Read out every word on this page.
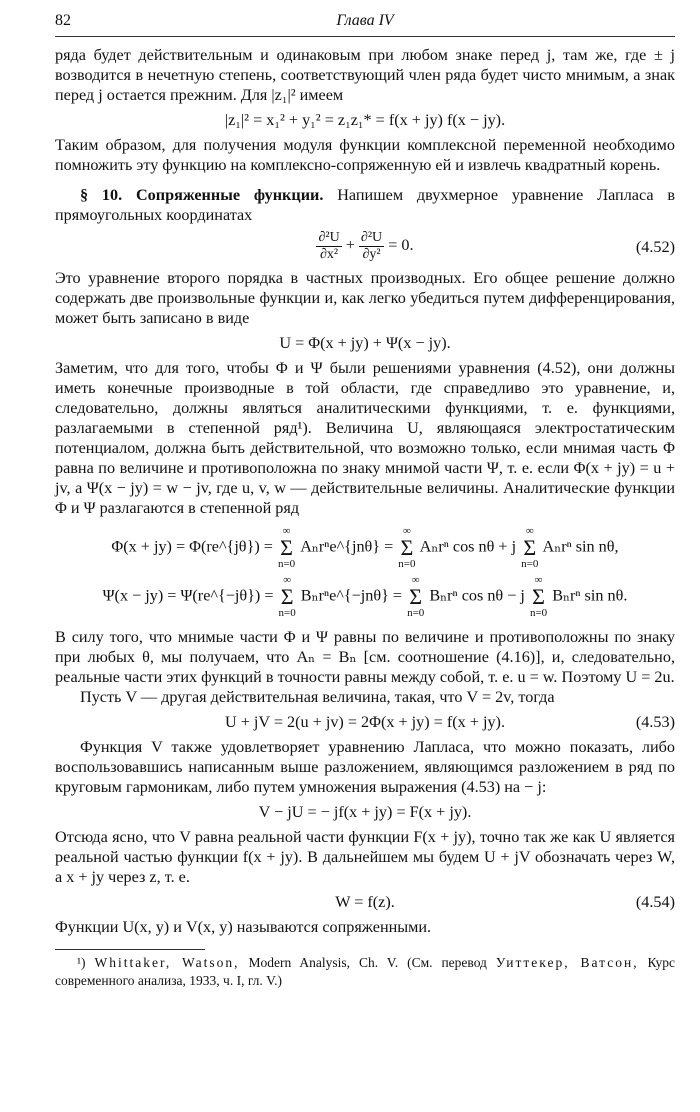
82	Глава IV

ряда будет действительным и одинаковым при любом знаке перед j, там же, где ± j возводится в нечетную степень, соответствующий член ряда будет чисто мнимым, а знак перед j остается прежним. Для |z₁|² имеем

|z₁|² = x₁² + y₁² = z₁z₁* = f(x + jy) f(x − jy).

Таким образом, для получения модуля функции комплексной переменной необходимо помножить эту функцию на комплексно-сопряженную ей и извлечь квадратный корень.

§ 10. Сопряженные функции. Напишем двухмерное уравнение Лапласа в прямоугольных координатах

$\frac{\text{∂²U}}{\text{∂x²}} + \frac{\text{∂²U}}{\text{∂y²}} = 0$.	(4.52)

Это уравнение второго порядка в частных производных. Его общее решение должно содержать две произвольные функции и, как легко убедиться путем дифференцирования, может быть записано в виде

U = Φ(x + jy) + Ψ(x − jy).

Заметим, что для того, чтобы Φ и Ψ были решениями уравнения (4.52), они должны иметь конечные производные в той области, где справедливо это уравнение, и, следовательно, должны являться аналитическими функциями, т. е. функциями, разлагаемыми в степенной ряд¹). Величина U, являющаяся электростатическим потенциалом, должна быть действительной, что возможно только, если мнимая часть Φ равна по величине и противоположна по знаку мнимой части Ψ, т. е. если Φ(x + jy) = u + jv, а Ψ(x − jy) = w − jv, где u, v, w — действительные величины. Аналитические функции Φ и Ψ разлагаются в степенной ряд

Φ(x + jy) = Φ(re^{jθ}) = ∞
Σ
n=0 Aₙrⁿe^{jnθ} = ∞
Σ
n=0 Aₙrⁿ cos nθ + j ∞
Σ
n=0 Aₙrⁿ sin nθ,
Ψ(x − jy) = Ψ(re^{−jθ}) = ∞
Σ
n=0 Bₙrⁿe^{−jnθ} = ∞
Σ
n=0 Bₙrⁿ cos nθ − j ∞
Σ
n=0 Bₙrⁿ sin nθ.

В силу того, что мнимые части Φ и Ψ равны по величине и противоположны по знаку при любых θ, мы получаем, что Aₙ = Bₙ [см. соотношение (4.16)], и, следовательно, реальные части этих функций в точности равны между собой, т. е. u = w. Поэтому U = 2u.

Пусть V — другая действительная величина, такая, что V = 2v, тогда

U + jV = 2(u + jv) = 2Φ(x + jy) = f(x + jy).	(4.53)

Функция V также удовлетворяет уравнению Лапласа, что можно показать, либо воспользовавшись написанным выше разложением, являющимся разложением в ряд по круговым гармоникам, либо путем умножения выражения (4.53) на − j:

V − jU = − jf(x + jy) = F(x + jy).

Отсюда ясно, что V равна реальной части функции F(x + jy), точно так же как U является реальной частью функции f(x + jy). В дальнейшем мы будем U + jV обозначать через W, а x + jy через z, т. е.

W = f(z).	(4.54)

Функции U(x, y) и V(x, y) называются сопряженными.

¹) Whittaker, Watson, Modern Analysis, Ch. V. (См. перевод Уиттекер, Ватсон, Курс современного анализа, 1933, ч. I, гл. V.)
